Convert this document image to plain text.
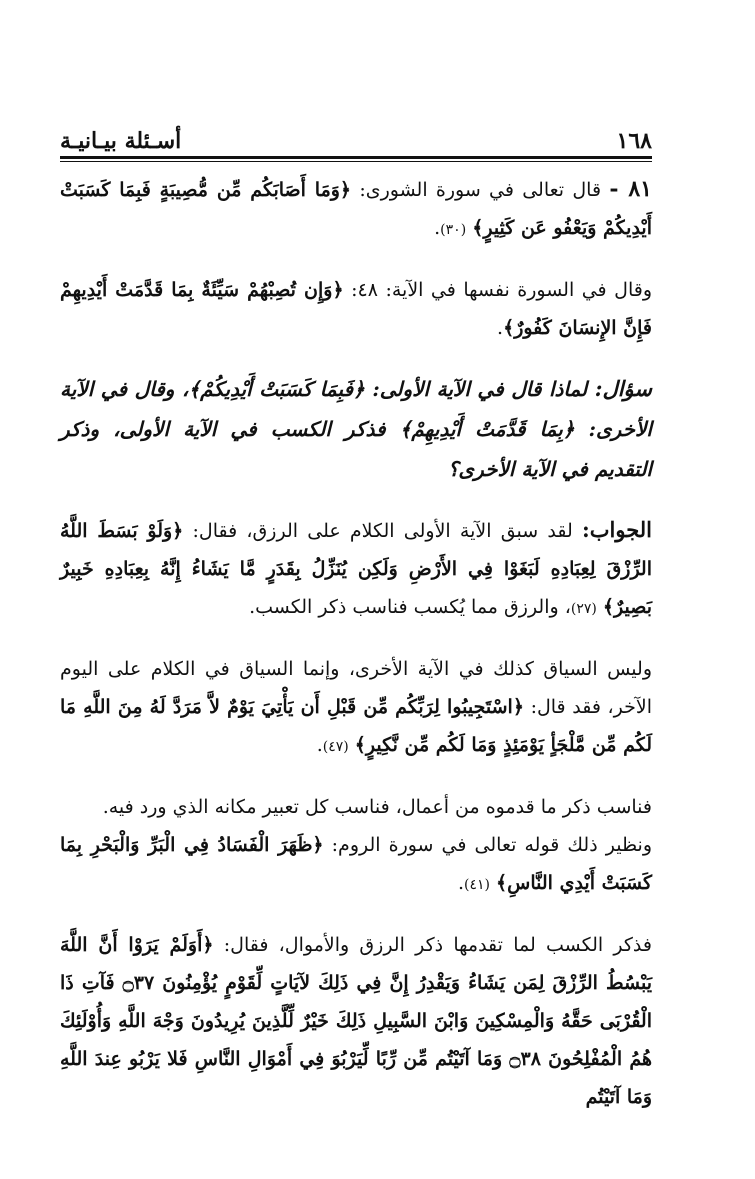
١٦٨
أسـئلة بيـانيـة

٨١ - قال تعالى في سورة الشورى: ﴿وَمَا أَصَابَكُم مِّن مُّصِيبَةٍ فَبِمَا كَسَبَتْ أَيْدِيكُمْ وَيَعْفُو عَن كَثِيرٍ﴾ (٣٠).

وقال في السورة نفسها في الآية: ٤٨: ﴿وَإِن تُصِبْهُمْ سَيِّئَةٌ بِمَا قَدَّمَتْ أَيْدِيهِمْ فَإِنَّ الإِنسَانَ كَفُورٌ﴾.

سؤال: لماذا قال في الآية الأولى: ﴿فَبِمَا كَسَبَتْ أَيْدِيكُمْ﴾، وقال في الآية الأخرى: ﴿بِمَا قَدَّمَتْ أَيْدِيهِمْ﴾ فذكر الكسب في الآية الأولى، وذكر التقديم في الآية الأخرى؟

الجواب: لقد سبق الآية الأولى الكلام على الرزق، فقال: ﴿وَلَوْ بَسَطَ اللَّهُ الرِّزْقَ لِعِبَادِهِ لَبَغَوْا فِي الأَرْضِ وَلَكِن يُنَزِّلُ بِقَدَرٍ مَّا يَشَاءُ إِنَّهُ بِعِبَادِهِ خَبِيرٌ بَصِيرٌ﴾ (٢٧)، والرزق مما يُكسب فناسب ذكر الكسب.

وليس السياق كذلك في الآية الأخرى، وإنما السياق في الكلام على اليوم الآخر، فقد قال: ﴿اسْتَجِيبُوا لِرَبِّكُم مِّن قَبْلِ أَن يَأْتِيَ يَوْمٌ لاَّ مَرَدَّ لَهُ مِنَ اللَّهِ مَا لَكُم مِّن مَّلْجَأٍ يَوْمَئِذٍ وَمَا لَكُم مِّن نَّكِيرٍ﴾ (٤٧).

فناسب ذكر ما قدموه من أعمال، فناسب كل تعبير مكانه الذي ورد فيه.

ونظير ذلك قوله تعالى في سورة الروم: ﴿ظَهَرَ الْفَسَادُ فِي الْبَرِّ وَالْبَحْرِ بِمَا كَسَبَتْ أَيْدِي النَّاسِ﴾ (٤١).

فذكر الكسب لما تقدمها ذكر الرزق والأموال، فقال: ﴿أَوَلَمْ يَرَوْا أَنَّ اللَّهَ يَبْسُطُ الرِّزْقَ لِمَن يَشَاءُ وَيَقْدِرُ إِنَّ فِي ذَلِكَ لآيَاتٍ لِّقَوْمٍ يُؤْمِنُونَ ۝٣٧ فَآتِ ذَا الْقُرْبَى حَقَّهُ وَالْمِسْكِينَ وَابْنَ السَّبِيلِ ذَلِكَ خَيْرٌ لِّلَّذِينَ يُرِيدُونَ وَجْهَ اللَّهِ وَأُوْلَئِكَ هُمُ الْمُفْلِحُونَ ۝٣٨ وَمَا آتَيْتُم مِّن رِّبًا لِّيَرْبُوَ فِي أَمْوَالِ النَّاسِ فَلا يَرْبُو عِندَ اللَّهِ وَمَا آتَيْتُم
